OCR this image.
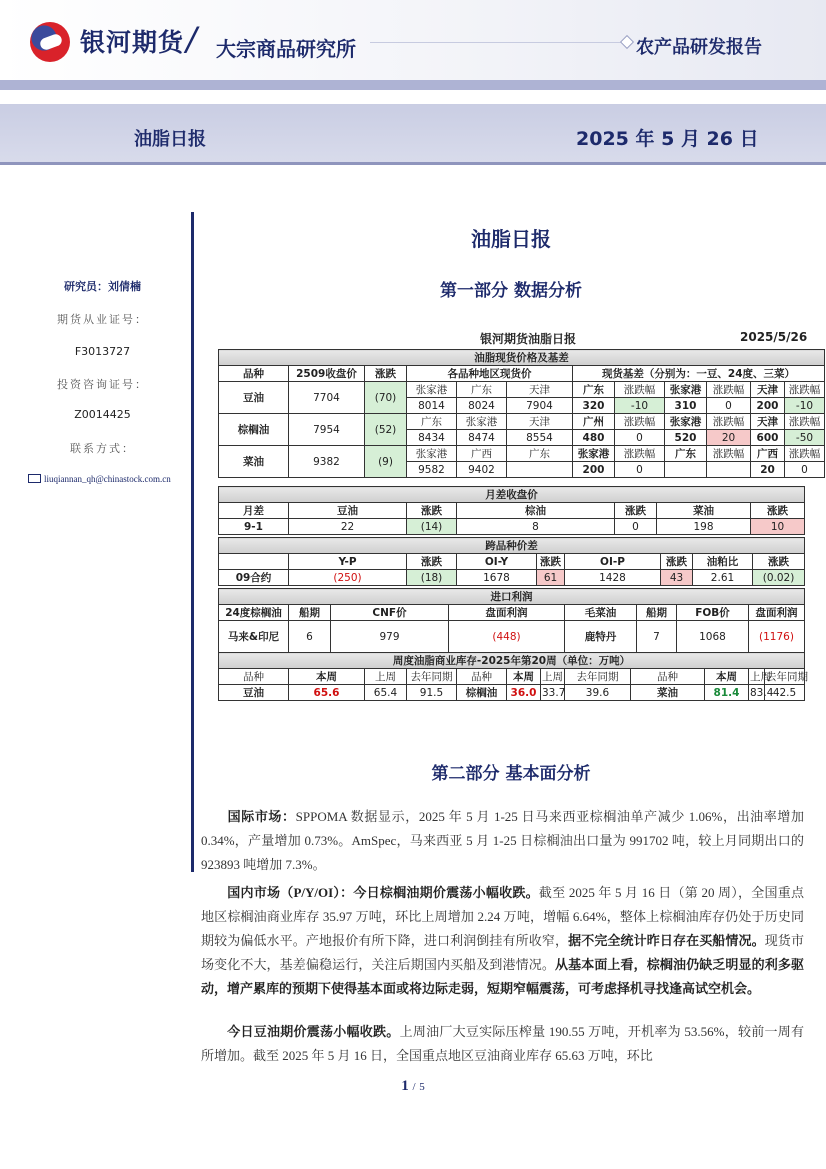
银河期货 / 大宗商品研究所	农产品研发报告
油脂日报	2025 年 5 月 26 日
研究员：刘倩楠
期货从业证号：
F3013727
投资咨询证号：
Z0014425
联系方式：
liuqiannan_qh@chinastock.com.cn
油脂日报
第一部分 数据分析
银河期货油脂日报	2025/5/26
油脂现货价格及基差											
品种	2509收盘价	涨跌	各品种地区现货价			现货基差（分别为：一豆、24度、三菜）					
豆油	7704	(70)	张家港	广东	天津	广东	涨跌幅	张家港	涨跌幅	天津	涨跌幅
			8014	8024	7904	320	-10	310	0	200	-10
棕榈油	7954	(52)	广东	张家港	天津	广州	涨跌幅	张家港	涨跌幅	天津	涨跌幅
			8434	8474	8554	480	0	520	20	600	-50
菜油	9382	(9)	张家港	广西	广东	张家港	涨跌幅	广东	涨跌幅	广西	涨跌幅
			9582	9402		200	0			20	0
月差收盘价						
月差	豆油	涨跌	棕油	涨跌	菜油	涨跌
9-1	22	(14)	8	0	198	10
跨品种价差								
	Y-P	涨跌	OI-Y	涨跌	OI-P	涨跌	油粕比	涨跌
09合约	(250)	(18)	1678	61	1428	43	2.61	(0.02)
进口利润							
24度棕榈油	船期	CNF价	盘面利润	毛菜油	船期	FOB价	盘面利润
马来&印尼	6	979	(448)	鹿特丹	7	1068	(1176)
周度油脂商业库存-2025年第20周（单位：万吨）											
品种	本周	上周	去年同期	品种	本周	上周	去年同期	品种	本周	上周	去年同期
豆油	65.6	65.4	91.5	棕榈油	36.0	33.7	39.6	菜油	81.4	83.4	42.5
第二部分 基本面分析
国际市场：SPPOMA 数据显示，2025 年 5 月 1-25 日马来西亚棕榈油单产减少 1.06%，出油率增加 0.34%，产量增加 0.73%。AmSpec，马来西亚 5 月 1-25 日棕榈油出口量为 991702 吨，较上月同期出口的 923893 吨增加 7.3%。
国内市场（P/Y/OI）：今日棕榈油期价震荡小幅收跌。截至 2025 年 5 月 16 日（第 20 周），全国重点地区棕榈油商业库存 35.97 万吨，环比上周增加 2.24 万吨，增幅 6.64%，整体上棕榈油库存仍处于历史同期较为偏低水平。产地报价有所下降，进口利润倒挂有所收窄，据不完全统计昨日存在买船情况。现货市场变化不大，基差偏稳运行，关注后期国内买船及到港情况。从基本面上看，棕榈油仍缺乏明显的利多驱动，增产累库的预期下使得基本面或将边际走弱，短期窄幅震荡，可考虑择机寻找逢高试空机会。
今日豆油期价震荡小幅收跌。上周油厂大豆实际压榨量 190.55 万吨，开机率为 53.56%，较前一周有所增加。截至 2025 年 5 月 16 日，全国重点地区豆油商业库存 65.63 万吨，环比
1 / 5
